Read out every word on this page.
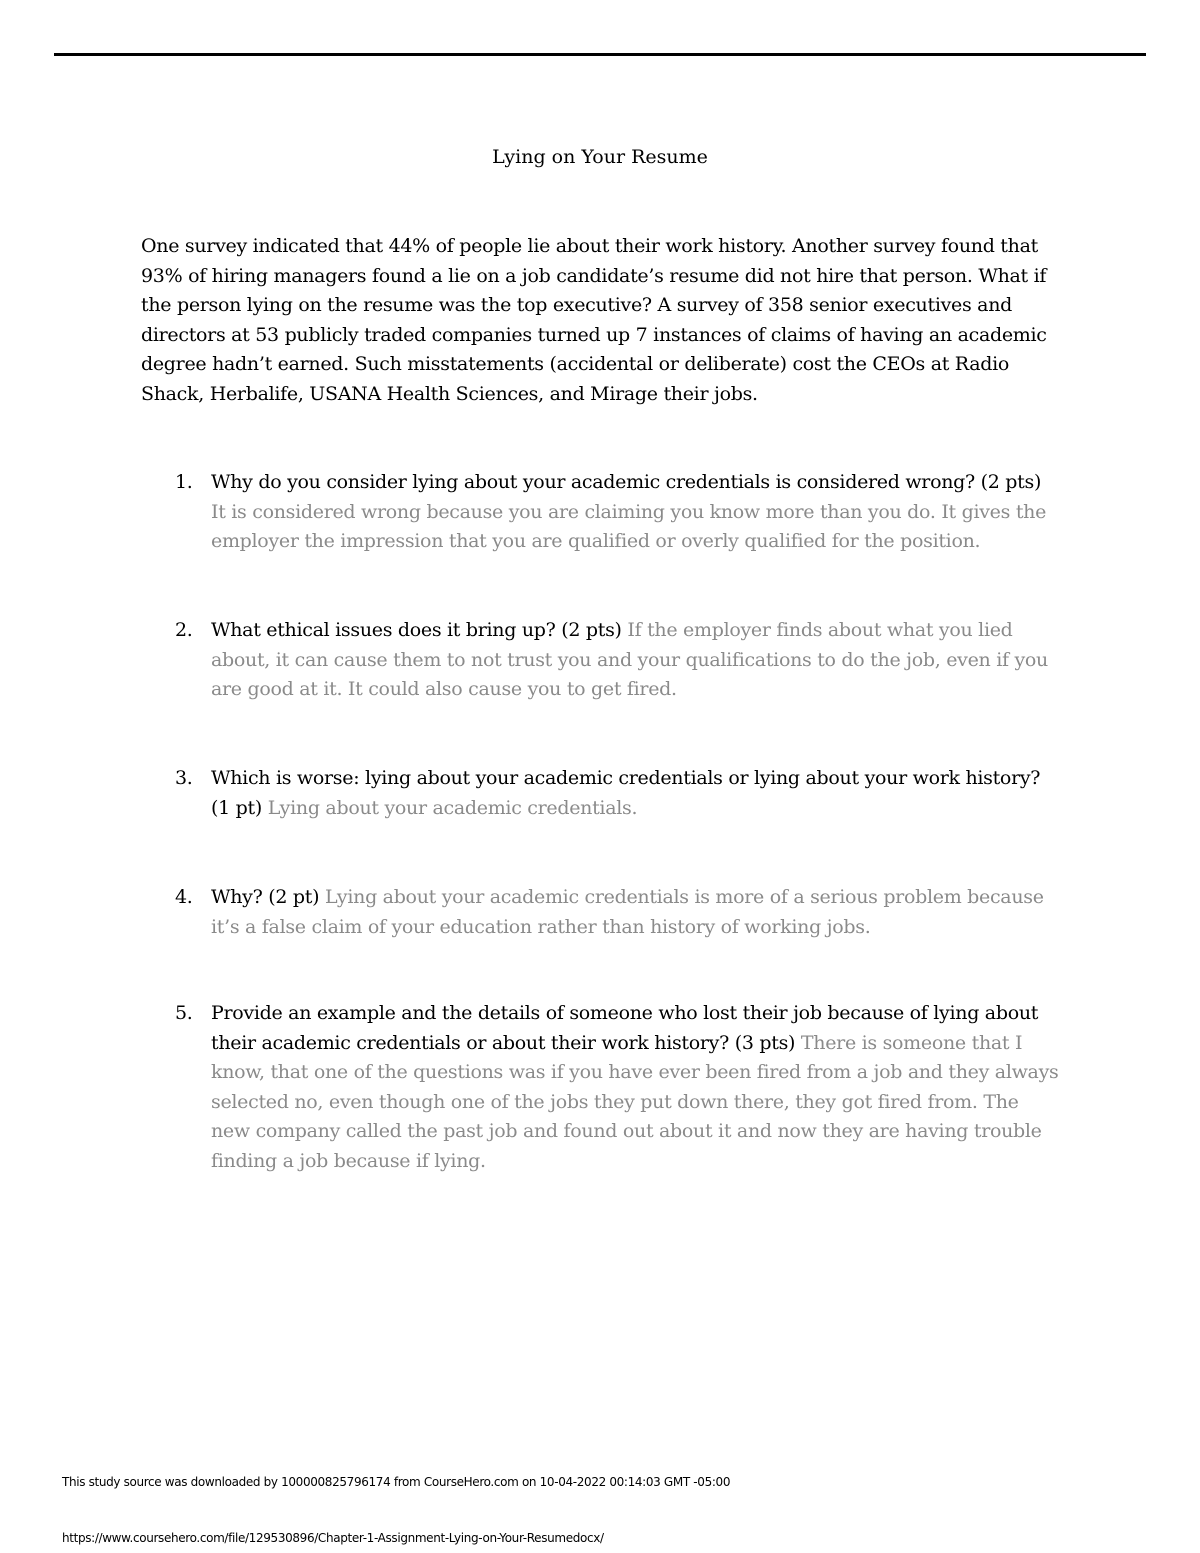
Lying on Your Resume

One survey indicated that 44% of people lie about their work history. Another survey found that 93% of hiring managers found a lie on a job candidate’s resume did not hire that person. What if the person lying on the resume was the top executive? A survey of 358 senior executives and directors at 53 publicly traded companies turned up 7 instances of claims of having an academic degree hadn’t earned. Such misstatements (accidental or deliberate) cost the CEOs at Radio Shack, Herbalife, USANA Health Sciences, and Mirage their jobs.

1. Why do you consider lying about your academic credentials is considered wrong? (2 pts) It is considered wrong because you are claiming you know more than you do. It gives the employer the impression that you are qualified or overly qualified for the position.
2. What ethical issues does it bring up? (2 pts) If the employer finds about what you lied about, it can cause them to not trust you and your qualifications to do the job, even if you are good at it. It could also cause you to get fired.
3. Which is worse: lying about your academic credentials or lying about your work history? (1 pt) Lying about your academic credentials.
4. Why? (2 pt) Lying about your academic credentials is more of a serious problem because it’s a false claim of your education rather than history of working jobs.
5. Provide an example and the details of someone who lost their job because of lying about their academic credentials or about their work history? (3 pts) There is someone that I know, that one of the questions was if you have ever been fired from a job and they always selected no, even though one of the jobs they put down there, they got fired from. The new company called the past job and found out about it and now they are having trouble finding a job because if lying.
This study source was downloaded by 100000825796174 from CourseHero.com on 10-04-2022 00:14:03 GMT -05:00
https://www.coursehero.com/file/129530896/Chapter-1-Assignment-Lying-on-Your-Resumedocx/
